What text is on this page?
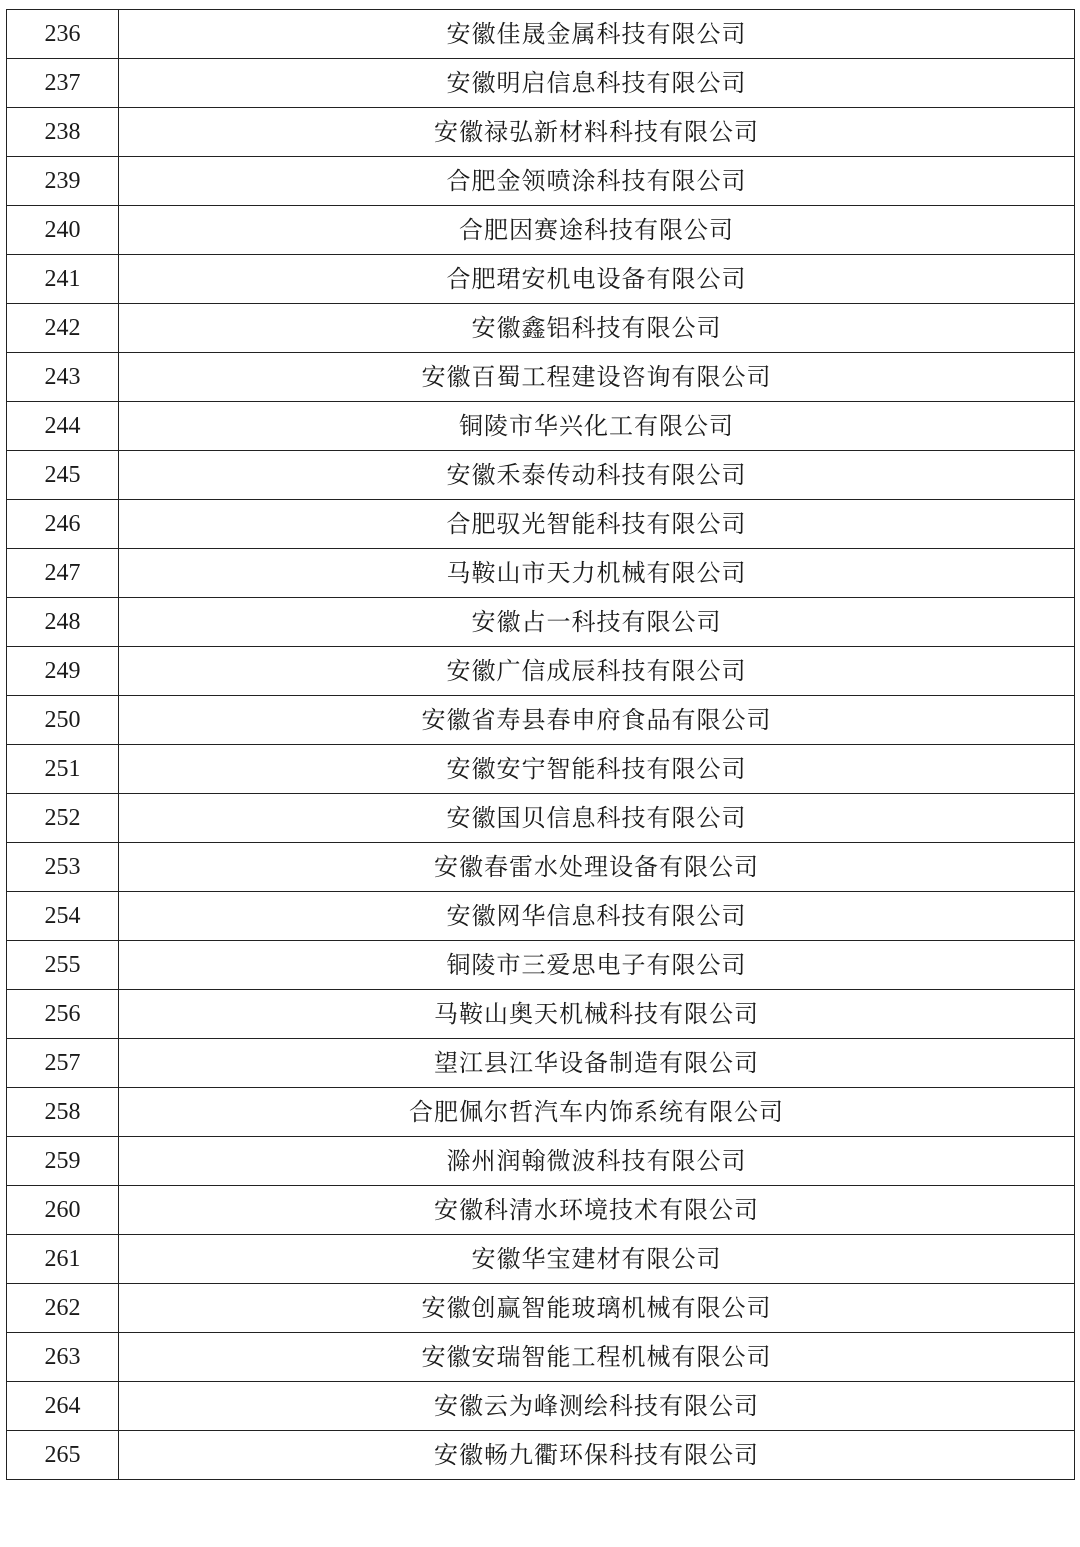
236	安徽佳晟金属科技有限公司
237	安徽明启信息科技有限公司
238	安徽禄弘新材料科技有限公司
239	合肥金领喷涂科技有限公司
240	合肥因赛途科技有限公司
241	合肥珺安机电设备有限公司
242	安徽鑫铝科技有限公司
243	安徽百蜀工程建设咨询有限公司
244	铜陵市华兴化工有限公司
245	安徽禾泰传动科技有限公司
246	合肥驭光智能科技有限公司
247	马鞍山市天力机械有限公司
248	安徽占一科技有限公司
249	安徽广信成辰科技有限公司
250	安徽省寿县春申府食品有限公司
251	安徽安宁智能科技有限公司
252	安徽国贝信息科技有限公司
253	安徽春雷水处理设备有限公司
254	安徽网华信息科技有限公司
255	铜陵市三爱思电子有限公司
256	马鞍山奥天机械科技有限公司
257	望江县江华设备制造有限公司
258	合肥佩尔哲汽车内饰系统有限公司
259	滁州润翰微波科技有限公司
260	安徽科清水环境技术有限公司
261	安徽华宝建材有限公司
262	安徽创赢智能玻璃机械有限公司
263	安徽安瑞智能工程机械有限公司
264	安徽云为峰测绘科技有限公司
265	安徽畅九衢环保科技有限公司
